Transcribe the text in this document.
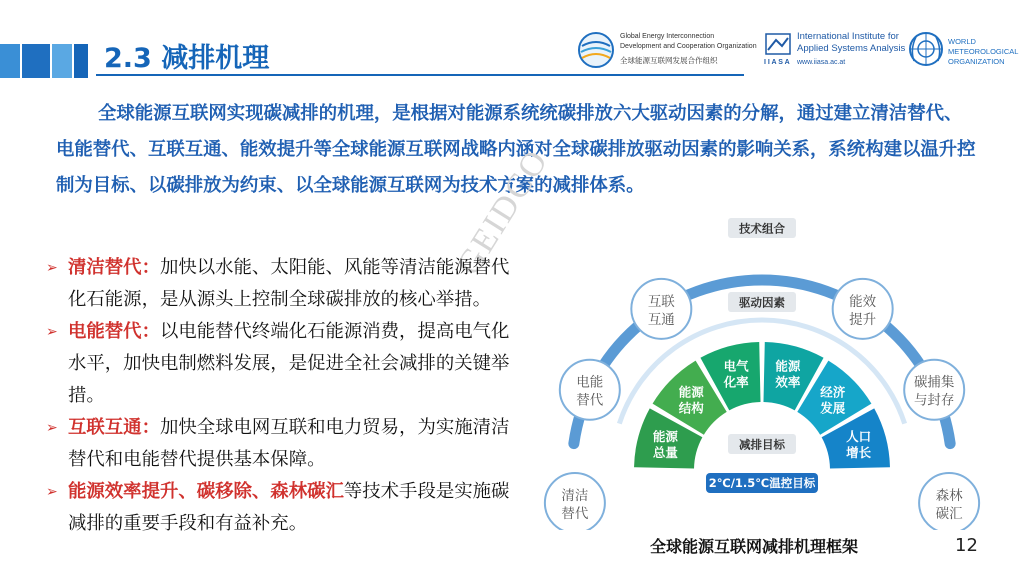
2.3 减排机理
Global Energy Interconnection
Development and Cooperation Organization
全球能源互联网发展合作组织
International Institute for
Applied Systems Analysis
I I A S A www.iiasa.ac.at
WORLD
METEOROLOGICAL
ORGANIZATION
全球能源互联网实现碳减排的机理，是根据对能源系统统碳排放六大驱动因素的分解，通过建立清洁替代、电能替代、互联互通、能效提升等全球能源互联网战略内涵对全球碳排放驱动因素的影响关系，系统构建以温升控制为目标、以碳排放为约束、以全球能源互联网为技术方案的减排体系。
GEIDCO
➢ 清洁替代：加快以水能、太阳能、风能等清洁能源替代化石能源，是从源头上控制全球碳排放的核心举措。
➢ 电能替代：以电能替代终端化石能源消费，提高电气化水平，加快电制燃料发展，是促进全社会减排的关键举措。
➢ 互联互通：加快全球电网互联和电力贸易，为实施清洁替代和电能替代提供基本保障。
➢ 能源效率提升、碳移除、森林碳汇等技术手段是实施碳减排的重要手段和有益补充。
能源
总量
能源
结构
电气
化率
能源
效率
经济
发展
人口
增长
清洁
替代
电能
替代
互联
互通
能效
提升
碳捕集
与封存
森林
碳汇
技术组合
驱动因素
减排目标
2℃/1.5℃温控目标
全球能源互联网减排机理框架	12
